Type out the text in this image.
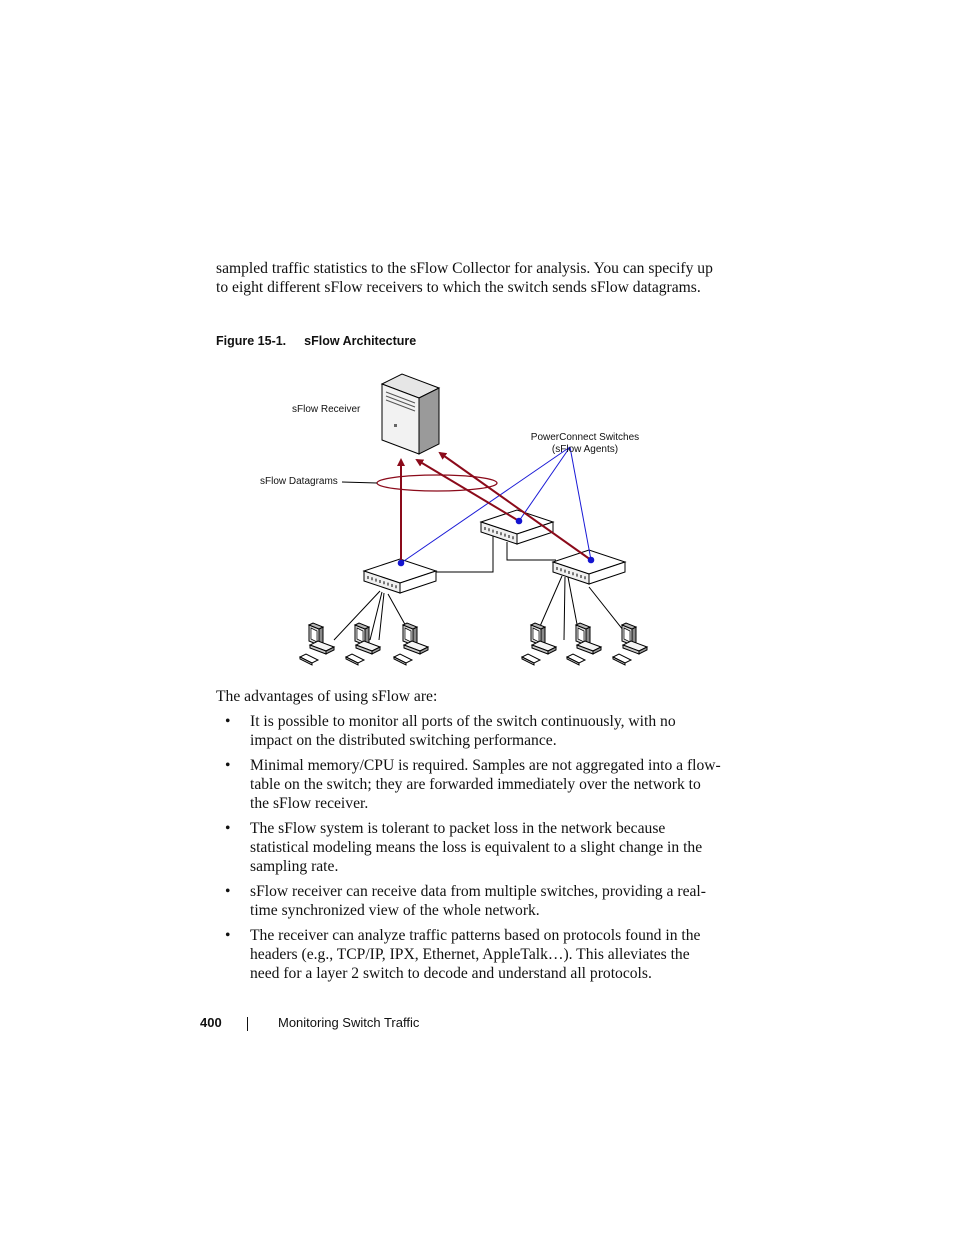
sampled traffic statistics to the sFlow Collector for analysis. You can specify up to eight different sFlow receivers to which the switch sends sFlow datagrams.

Figure 15-1. sFlow Architecture

sFlow Receiver
sFlow Datagrams
PowerConnect Switches
(sFlow Agents)

The advantages of using sFlow are:

• It is possible to monitor all ports of the switch continuously, with no impact on the distributed switching performance.
• Minimal memory/CPU is required. Samples are not aggregated into a flow-table on the switch; they are forwarded immediately over the network to the sFlow receiver.
• The sFlow system is tolerant to packet loss in the network because statistical modeling means the loss is equivalent to a slight change in the sampling rate.
• sFlow receiver can receive data from multiple switches, providing a real-time synchronized view of the whole network.
• The receiver can analyze traffic patterns based on protocols found in the headers (e.g., TCP/IP, IPX, Ethernet, AppleTalk…). This alleviates the need for a layer 2 switch to decode and understand all protocols.
400	Monitoring Switch Traffic
